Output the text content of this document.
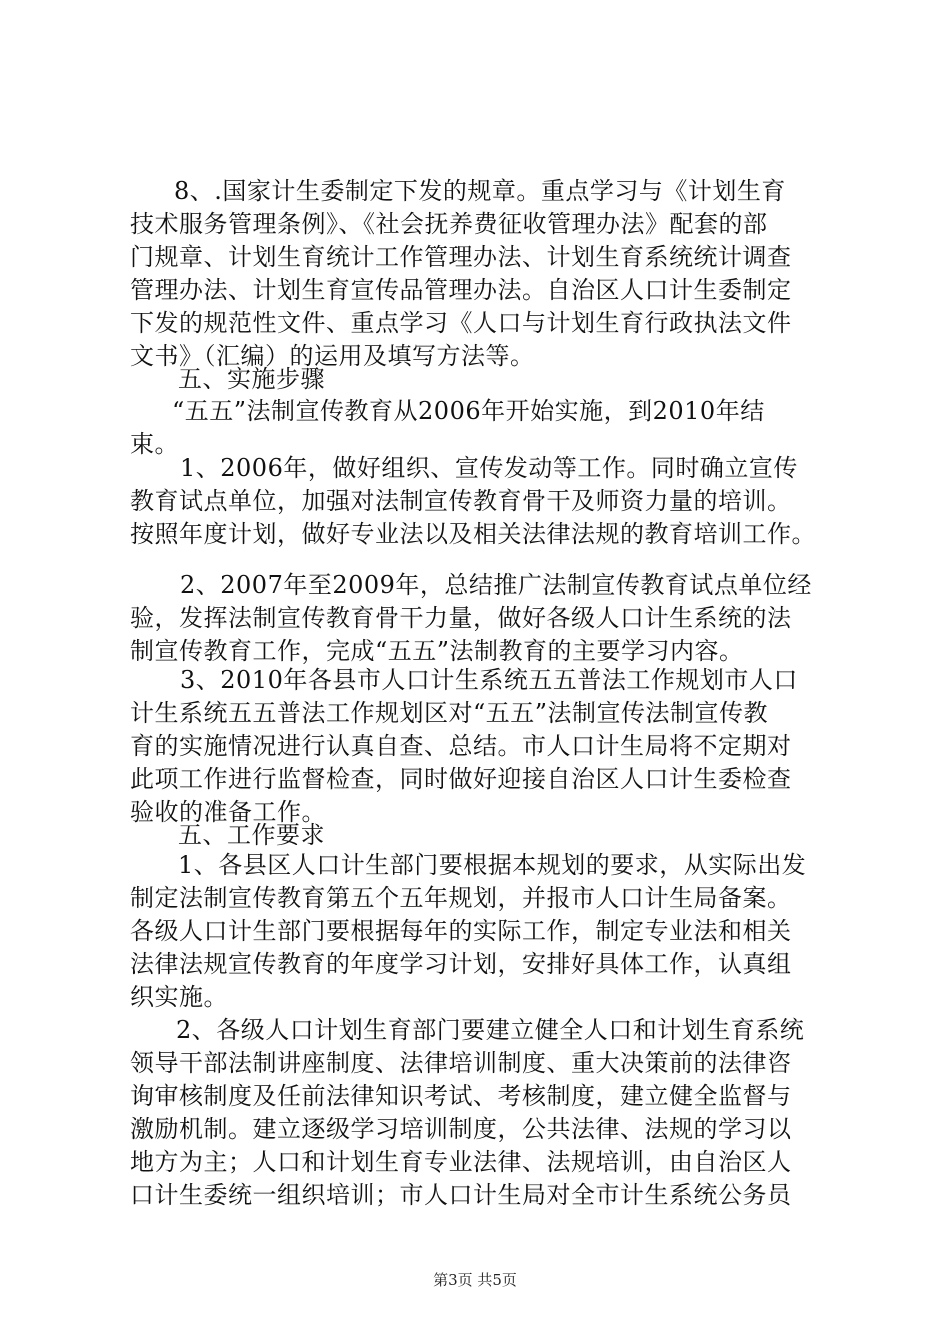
8、.国家计生委制定下发的规章。重点学习与《计划生育
技术服务管理条例》、《社会抚养费征收管理办法》配套的部
门规章、计划生育统计工作管理办法、计划生育系统统计调查
管理办法、计划生育宣传品管理办法。自治区人口计生委制定
下发的规范性文件、重点学习《人口与计划生育行政执法文件
文书》（汇编）的运用及填写方法等。
五、实施步骤
“五五”法制宣传教育从2006年开始实施，到2010年结
束。
1、2006年，做好组织、宣传发动等工作。同时确立宣传
教育试点单位，加强对法制宣传教育骨干及师资力量的培训。
按照年度计划，做好专业法以及相关法律法规的教育培训工作。
2、2007年至2009年，总结推广法制宣传教育试点单位经
验，发挥法制宣传教育骨干力量，做好各级人口计生系统的法
制宣传教育工作，完成“五五”法制教育的主要学习内容。
3、2010年各县市人口计生系统五五普法工作规划市人口
计生系统五五普法工作规划区对“五五”法制宣传法制宣传教
育的实施情况进行认真自查、总结。市人口计生局将不定期对
此项工作进行监督检查，同时做好迎接自治区人口计生委检查
验收的准备工作。
五、工作要求
1、各县区人口计生部门要根据本规划的要求，从实际出发
制定法制宣传教育第五个五年规划，并报市人口计生局备案。
各级人口计生部门要根据每年的实际工作，制定专业法和相关
法律法规宣传教育的年度学习计划，安排好具体工作，认真组
织实施。
2、各级人口计划生育部门要建立健全人口和计划生育系统
领导干部法制讲座制度、法律培训制度、重大决策前的法律咨
询审核制度及任前法律知识考试、考核制度，建立健全监督与
激励机制。建立逐级学习培训制度，公共法律、法规的学习以
地方为主；人口和计划生育专业法律、法规培训，由自治区人
口计生委统一组织培训；市人口计生局对全市计生系统公务员
第3页 共5页
